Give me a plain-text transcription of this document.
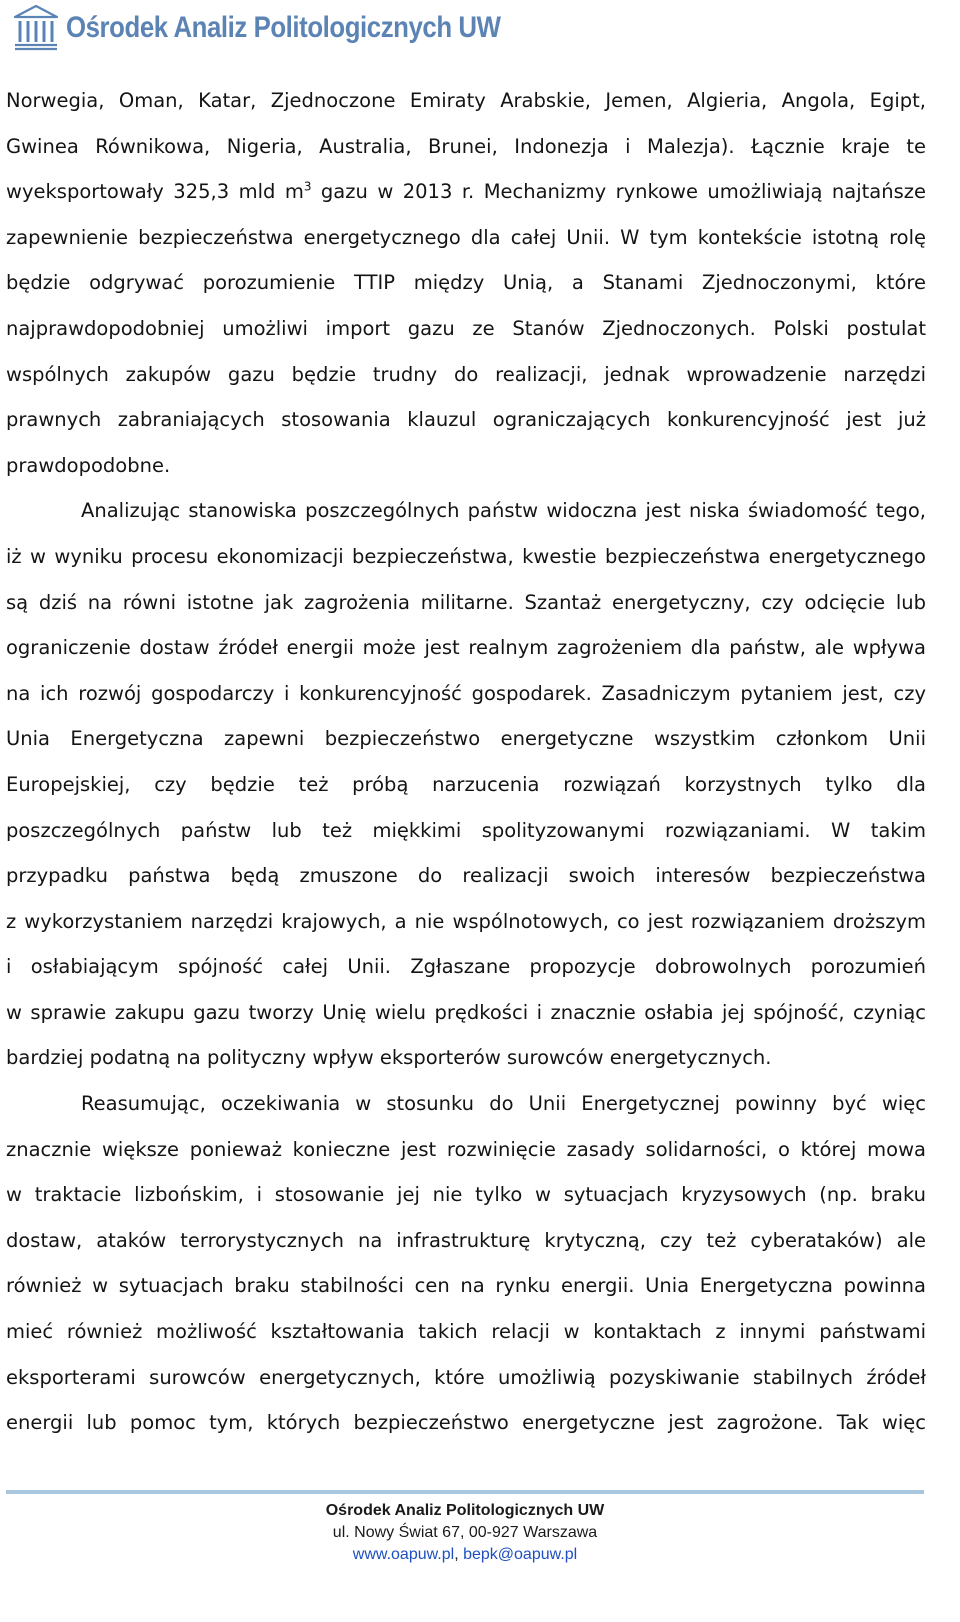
Ośrodek Analiz Politologicznych UW
Norwegia, Oman, Katar, Zjednoczone Emiraty Arabskie, Jemen, Algieria, Angola, Egipt,
Gwinea Równikowa, Nigeria, Australia, Brunei, Indonezja i Malezja). Łącznie kraje te
wyeksportowały 325,3 mld $m^3$ gazu w 2013 r. Mechanizmy rynkowe umożliwiają najtańsze
zapewnienie bezpieczeństwa energetycznego dla całej Unii. W tym kontekście istotną rolę
będzie odgrywać porozumienie TTIP między Unią, a Stanami Zjednoczonymi, które
najprawdopodobniej umożliwi import gazu ze Stanów Zjednoczonych. Polski postulat
wspólnych zakupów gazu będzie trudny do realizacji, jednak wprowadzenie narzędzi
prawnych zabraniających stosowania klauzul ograniczających konkurencyjność jest już
prawdopodobne.
Analizując stanowiska poszczególnych państw widoczna jest niska świadomość tego,
iż w wyniku procesu ekonomizacji bezpieczeństwa, kwestie bezpieczeństwa energetycznego
są dziś na równi istotne jak zagrożenia militarne. Szantaż energetyczny, czy odcięcie lub
ograniczenie dostaw źródeł energii może jest realnym zagrożeniem dla państw, ale wpływa
na ich rozwój gospodarczy i konkurencyjność gospodarek. Zasadniczym pytaniem jest, czy
Unia Energetyczna zapewni bezpieczeństwo energetyczne wszystkim członkom Unii
Europejskiej, czy będzie też próbą narzucenia rozwiązań korzystnych tylko dla
poszczególnych państw lub też miękkimi spolityzowanymi rozwiązaniami. W takim
przypadku państwa będą zmuszone do realizacji swoich interesów bezpieczeństwa
z wykorzystaniem narzędzi krajowych, a nie wspólnotowych, co jest rozwiązaniem droższym
i osłabiającym spójność całej Unii. Zgłaszane propozycje dobrowolnych porozumień
w sprawie zakupu gazu tworzy Unię wielu prędkości i znacznie osłabia jej spójność, czyniąc
bardziej podatną na polityczny wpływ eksporterów surowców energetycznych.
Reasumując, oczekiwania w stosunku do Unii Energetycznej powinny być więc
znacznie większe ponieważ konieczne jest rozwinięcie zasady solidarności, o której mowa
w traktacie lizbońskim, i stosowanie jej nie tylko w sytuacjach kryzysowych (np. braku
dostaw, ataków terrorystycznych na infrastrukturę krytyczną, czy też cyberataków) ale
również w sytuacjach braku stabilności cen na rynku energii. Unia Energetyczna powinna
mieć również możliwość kształtowania takich relacji w kontaktach z innymi państwami
eksporterami surowców energetycznych, które umożliwią pozyskiwanie stabilnych źródeł
energii lub pomoc tym, których bezpieczeństwo energetyczne jest zagrożone. Tak więc
Ośrodek Analiz Politologicznych UW
ul. Nowy Świat 67, 00-927 Warszawa
www.oapuw.pl, bepk@oapuw.pl
